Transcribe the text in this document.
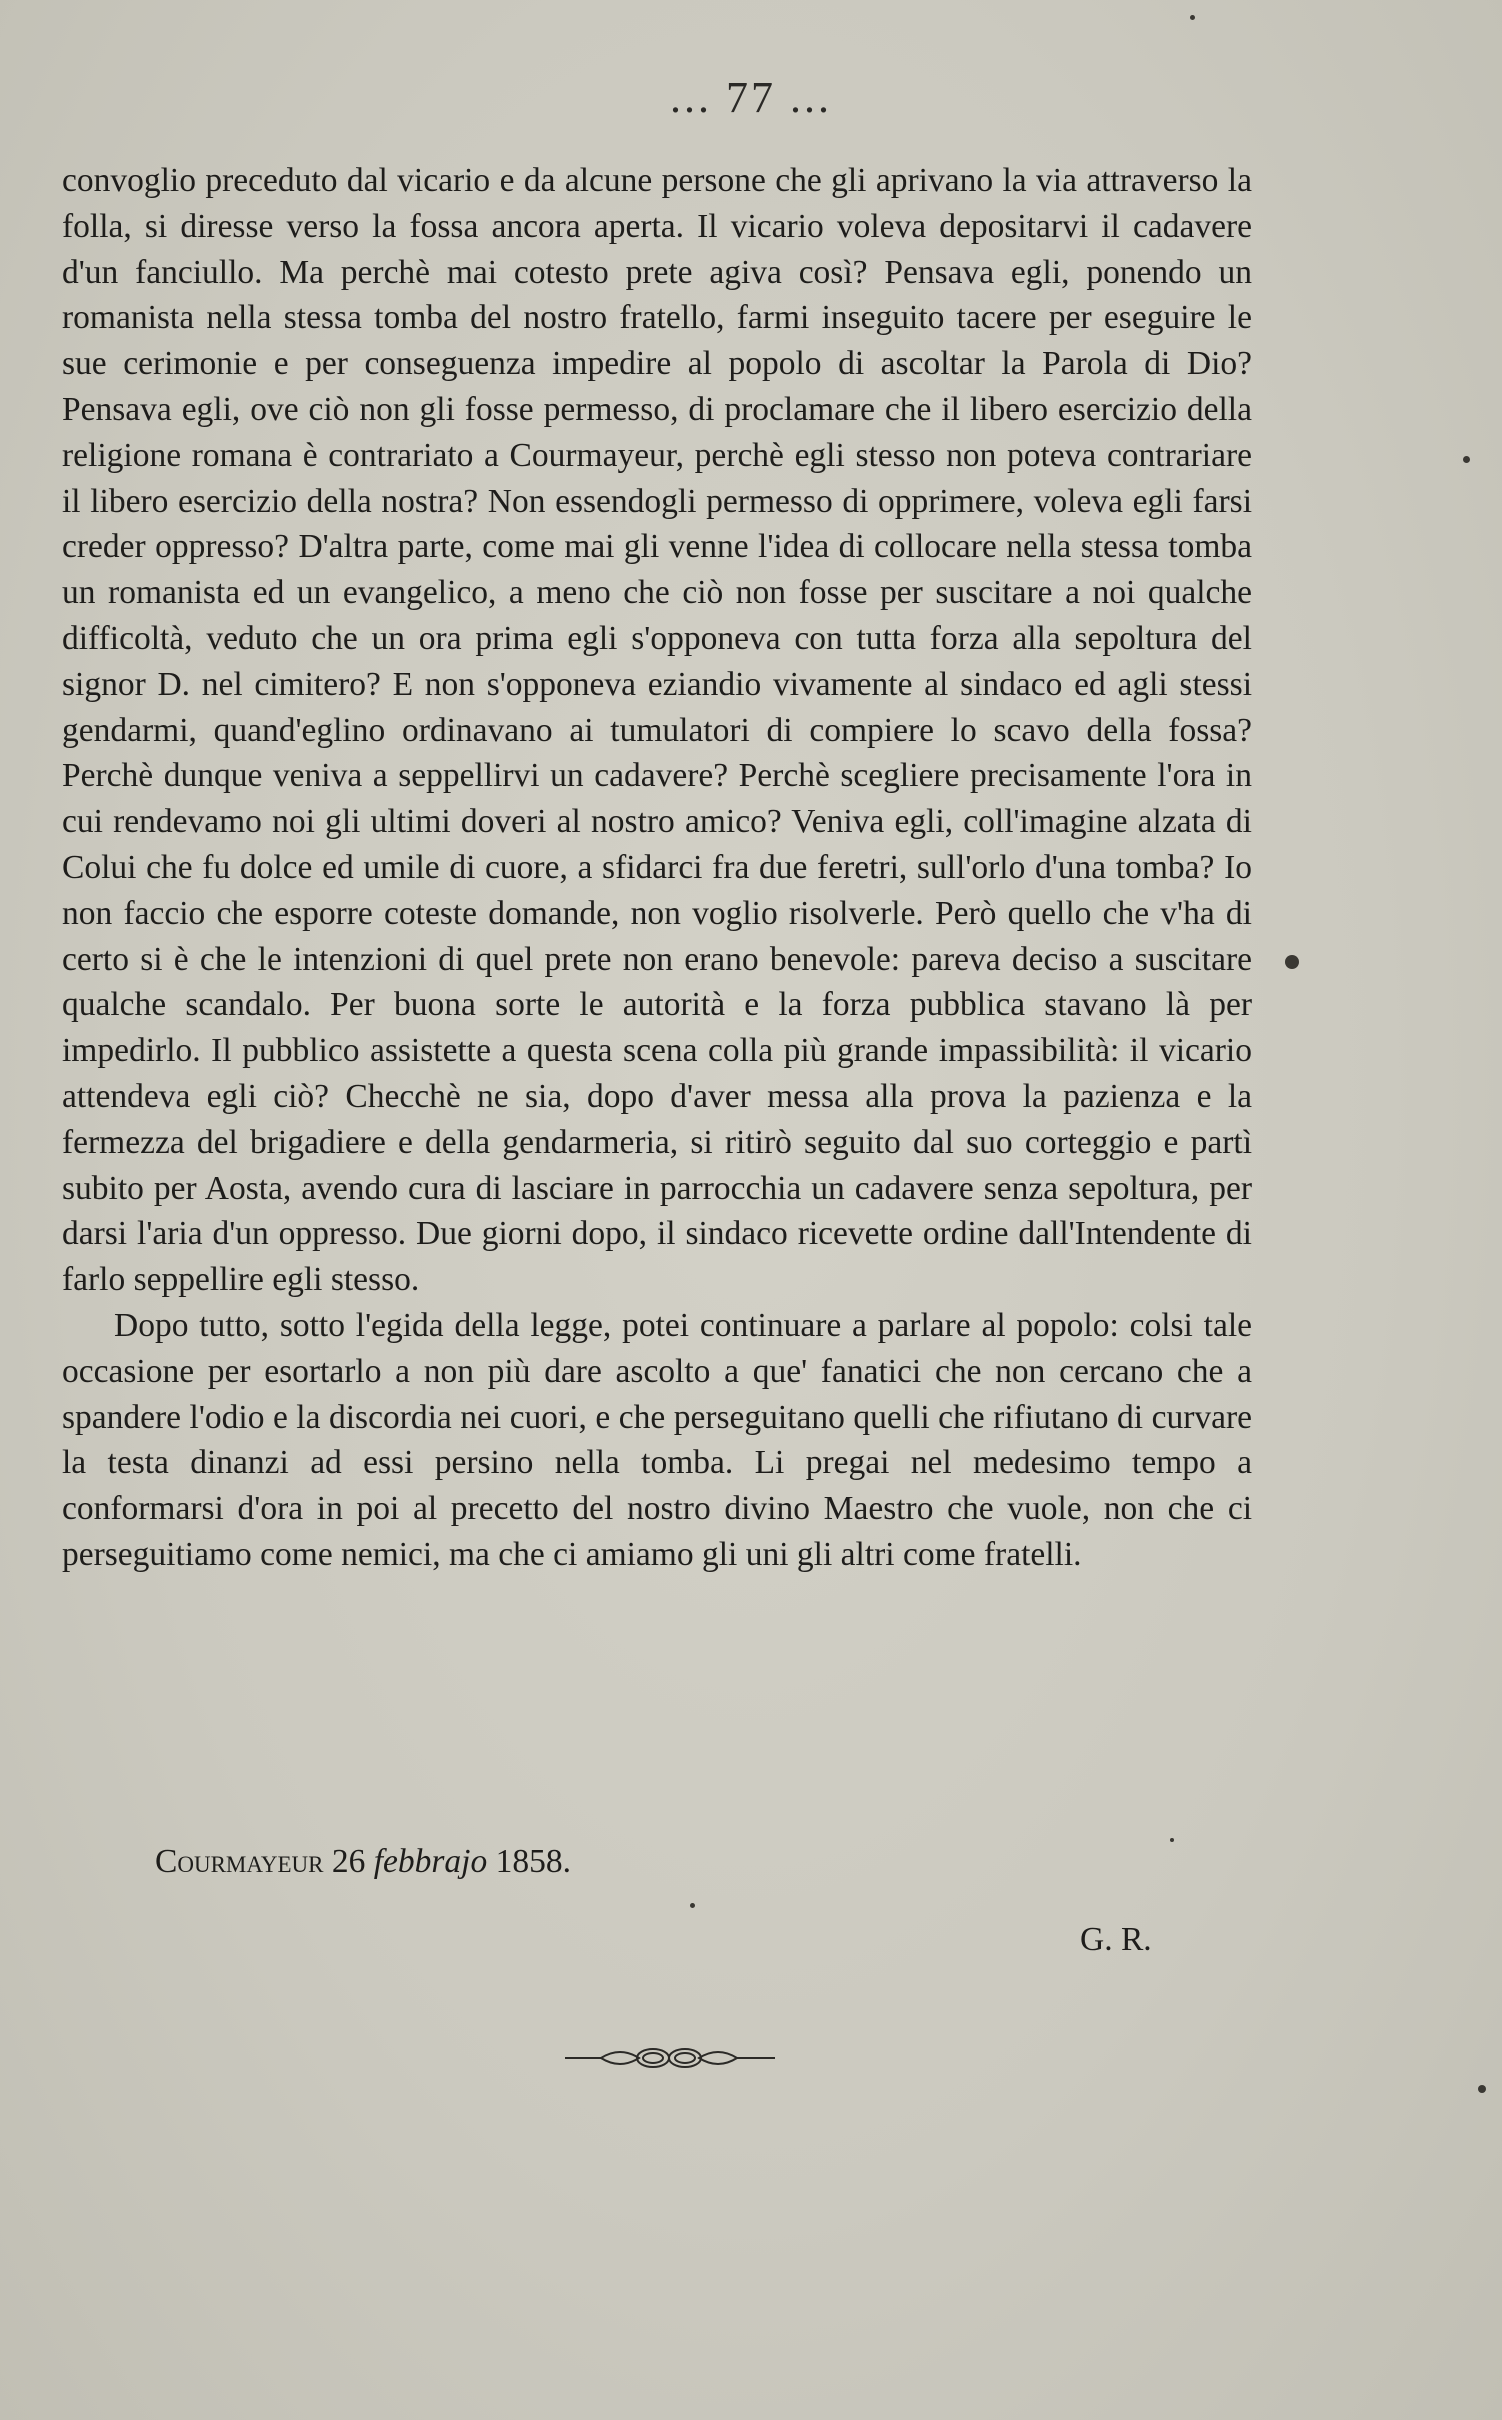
... 77 ...

convoglio preceduto dal vicario e da alcune persone che gli aprivano la via attraverso la folla, si diresse verso la fossa ancora aperta. Il vicario voleva depositarvi il cadavere d'un fanciullo. Ma perchè mai cotesto prete agiva così? Pensava egli, ponendo un romanista nella stessa tomba del nostro fratello, farmi inseguito tacere per eseguire le sue cerimonie e per conseguenza impedire al popolo di ascoltar la Parola di Dio? Pensava egli, ove ciò non gli fosse permesso, di proclamare che il libero esercizio della religione romana è contrariato a Courmayeur, perchè egli stesso non poteva contrariare il libero esercizio della nostra? Non essendogli permesso di opprimere, voleva egli farsi creder oppresso? D'altra parte, come mai gli venne l'idea di collocare nella stessa tomba un romanista ed un evangelico, a meno che ciò non fosse per suscitare a noi qualche difficoltà, veduto che un ora prima egli s'opponeva con tutta forza alla sepoltura del signor D. nel cimitero? E non s'opponeva eziandio vivamente al sindaco ed agli stessi gendarmi, quand'eglino ordinavano ai tumulatori di compiere lo scavo della fossa? Perchè dunque veniva a seppellirvi un cadavere? Perchè scegliere precisamente l'ora in cui rendevamo noi gli ultimi doveri al nostro amico? Veniva egli, coll'imagine alzata di Colui che fu dolce ed umile di cuore, a sfidarci fra due feretri, sull'orlo d'una tomba? Io non faccio che esporre coteste domande, non voglio risolverle. Però quello che v'ha di certo si è che le intenzioni di quel prete non erano benevole: pareva deciso a suscitare qualche scandalo. Per buona sorte le autorità e la forza pubblica stavano là per impedirlo. Il pubblico assistette a questa scena colla più grande impassibilità: il vicario attendeva egli ciò? Checchè ne sia, dopo d'aver messa alla prova la pazienza e la fermezza del brigadiere e della gendarmeria, si ritirò seguito dal suo corteggio e partì subito per Aosta, avendo cura di lasciare in parrocchia un cadavere senza sepoltura, per darsi l'aria d'un oppresso. Due giorni dopo, il sindaco ricevette ordine dall'Intendente di farlo seppellire egli stesso.

Dopo tutto, sotto l'egida della legge, potei continuare a parlare al popolo: colsi tale occasione per esortarlo a non più dare ascolto a que' fanatici che non cercano che a spandere l'odio e la discordia nei cuori, e che perseguitano quelli che rifiutano di curvare la testa dinanzi ad essi persino nella tomba. Li pregai nel medesimo tempo a conformarsi d'ora in poi al precetto del nostro divino Maestro che vuole, non che ci perseguitiamo come nemici, ma che ci amiamo gli uni gli altri come fratelli.

Courmayeur 26 febbrajo 1858.
G. R.
